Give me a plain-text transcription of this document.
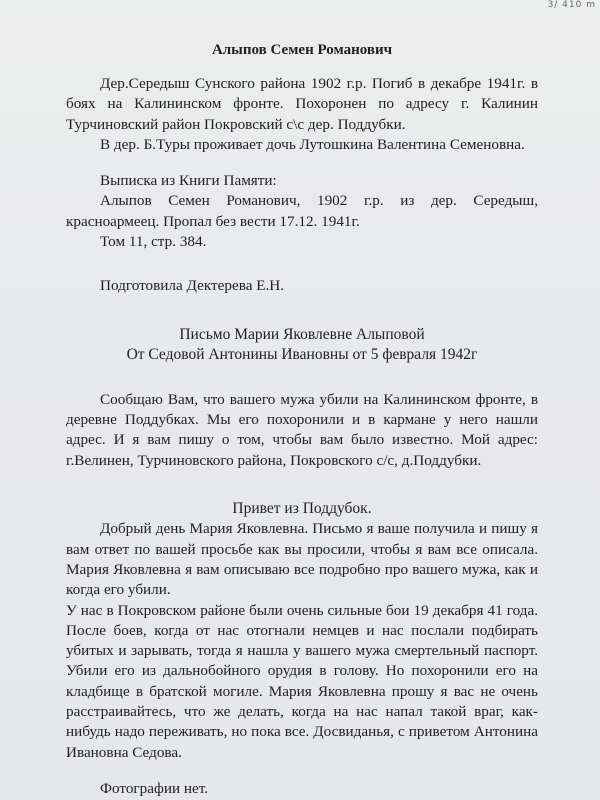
3/ 410 m
Алыпов Семен Романович

Дер.Середыш Сунского района 1902 г.р. Погиб в декабре 1941г. в боях на Калининском фронте. Похоронен по адресу г. Калинин Турчиновский район Покровский с\с дер. Поддубки.

В дер. Б.Туры проживает дочь Лутошкина Валентина Семеновна.

Выписка из Книги Памяти:

Алыпов Семен Романович, 1902 г.р. из дер. Середыш, красноармеец. Пропал без вести 17.12. 1941г.

Том 11, стр. 384.

Подготовила Дектерева Е.Н.

Письмо Марии Яковлевне Алыповой
От Седовой Антонины Ивановны от 5 февраля 1942г

Сообщаю Вам, что вашего мужа убили на Калининском фронте, в деревне Поддубках. Мы его похоронили и в кармане у него нашли адрес. И я вам пишу о том, чтобы вам было известно. Мой адрес: г.Велинен, Турчиновского района, Покровского с/с, д.Поддубки.

Привет из Поддубок.

Добрый день Мария Яковлевна. Письмо я ваше получила и пишу я вам ответ по вашей просьбе как вы просили, чтобы я вам все описала. Мария Яковлевна я вам описываю все подробно про вашего мужа, как и когда его убили.

У нас в Покровском районе были очень сильные бои 19 декабря 41 года. После боев, когда от нас отогнали немцев и нас послали подбирать убитых и зарывать, тогда я нашла у вашего мужа смертельный паспорт. Убили его из дальнобойного орудия в голову. Но похоронили его на кладбище в братской могиле. Мария Яковлевна прошу я вас не очень расстраивайтесь, что же делать, когда на нас напал такой враг, как-нибудь надо переживать, но пока все. Досвиданья, с приветом Антонина Ивановна Седова.

Фотографии нет.
